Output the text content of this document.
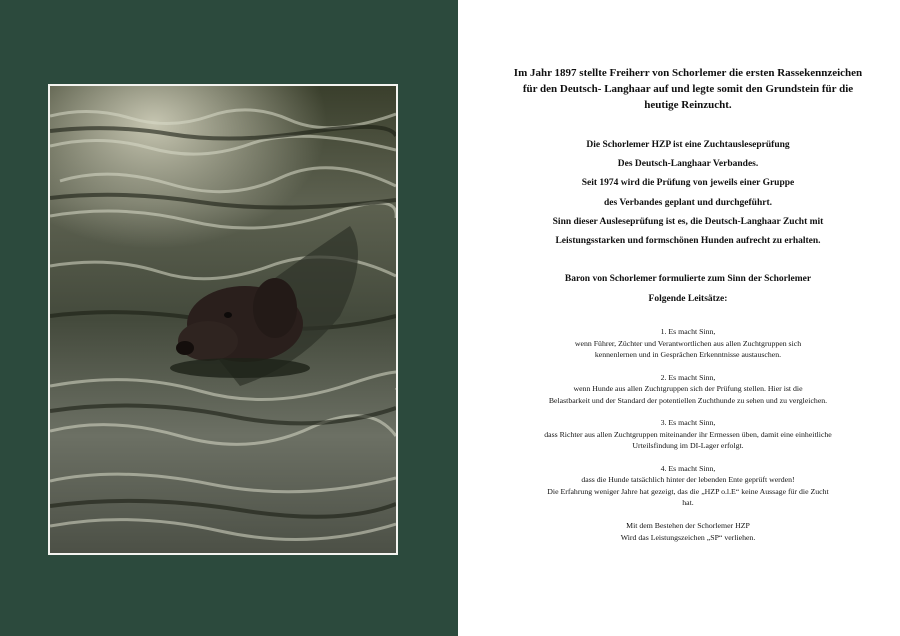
Im Jahr 1897 stellte Freiherr von Schorlemer die ersten Rassekennzeichen
für den Deutsch- Langhaar auf und legte somit den Grundstein für die
heutige Reinzucht.
Die Schorlemer HZP ist eine Zuchtausleseprüfung
Des Deutsch-Langhaar Verbandes.
Seit 1974 wird die Prüfung von jeweils einer Gruppe
des Verbandes geplant und durchgeführt.
Sinn dieser Ausleseprüfung ist es, die Deutsch-Langhaar Zucht mit
Leistungsstarken und formschönen Hunden aufrecht zu erhalten.
Baron von Schorlemer formulierte zum Sinn der Schorlemer
Folgende Leitsätze:
1. Es macht Sinn,
wenn Führer, Züchter und Verantwortlichen aus allen Zuchtgruppen sich
kennenlernen und in Gesprächen Erkenntnisse austauschen.
2. Es macht Sinn,
wenn Hunde aus allen Zuchtgruppen sich der Prüfung stellen. Hier ist die
Belastbarkeit und der Standard der potentiellen Zuchthunde zu sehen und zu vergleichen.
3. Es macht Sinn,
dass Richter aus allen Zuchtgruppen miteinander ihr Ermessen üben, damit eine einheitliche
Urteilsfindung im DI-Lager erfolgt.
4. Es macht Sinn,
dass die Hunde tatsächlich hinter der lebenden Ente geprüft werden!
Die Erfahrung weniger Jahre hat gezeigt, das die „HZP o.l.E“ keine Aussage für die Zucht
hat.
Mit dem Bestehen der Schorlemer HZP
Wird das Leistungszeichen „SP“ verliehen.
